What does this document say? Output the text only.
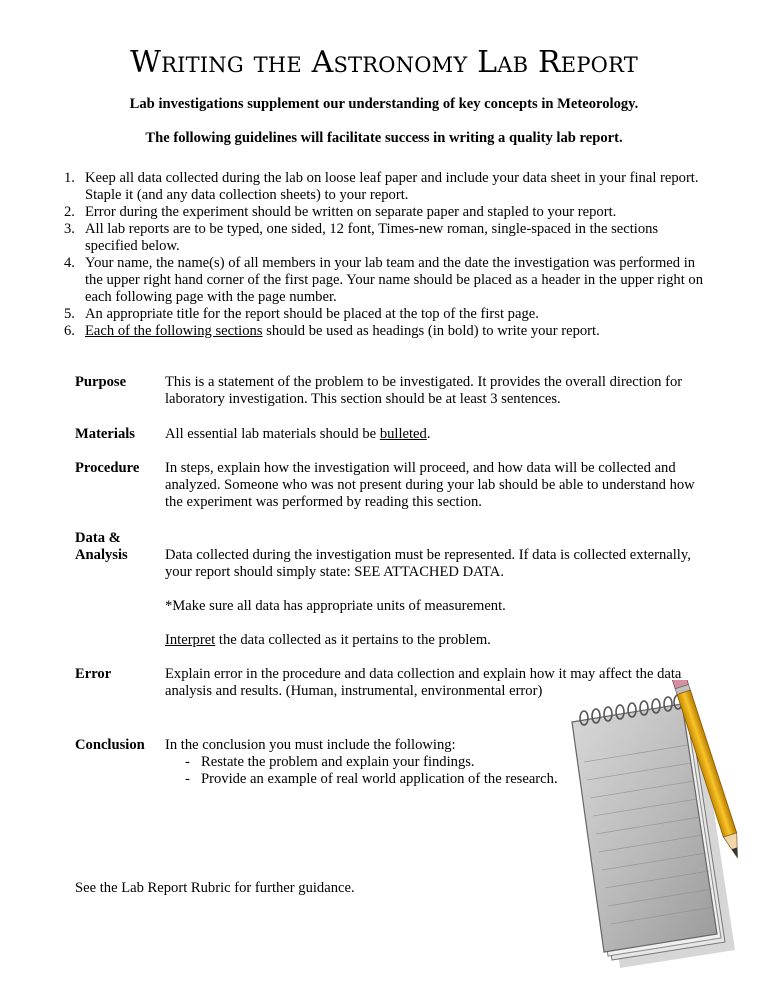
Writing the Astronomy Lab Report
Lab investigations supplement our understanding of key concepts in Meteorology.
The following guidelines will facilitate success in writing a quality lab report.
1. Keep all data collected during the lab on loose leaf paper and include your data sheet in your final report. Staple it (and any data collection sheets) to your report.
2. Error during the experiment should be written on separate paper and stapled to your report.
3. All lab reports are to be typed, one sided, 12 font, Times-new roman, single-spaced in the sections specified below.
4. Your name, the name(s) of all members in your lab team and the date the investigation was performed in the upper right hand corner of the first page. Your name should be placed as a header in the upper right on each following page with the page number.
5. An appropriate title for the report should be placed at the top of the first page.
6. Each of the following sections should be used as headings (in bold) to write your report.
Purpose	This is a statement of the problem to be investigated. It provides the overall direction for laboratory investigation. This section should be at least 3 sentences.
Materials	All essential lab materials should be bulleted.
Procedure	In steps, explain how the investigation will proceed, and how data will be collected and analyzed. Someone who was not present during your lab should be able to understand how the experiment was performed by reading this section.
Data &
Analysis	Data collected during the investigation must be represented. If data is collected externally, your report should simply state: SEE ATTACHED DATA.
*Make sure all data has appropriate units of measurement.
Interpret the data collected as it pertains to the problem.
Error	Explain error in the procedure and data collection and explain how it may affect the data analysis and results. (Human, instrumental, environmental error)
Conclusion	In the conclusion you must include the following:
- Restate the problem and explain your findings.
- Provide an example of real world application of the research.
See the Lab Report Rubric for further guidance.
